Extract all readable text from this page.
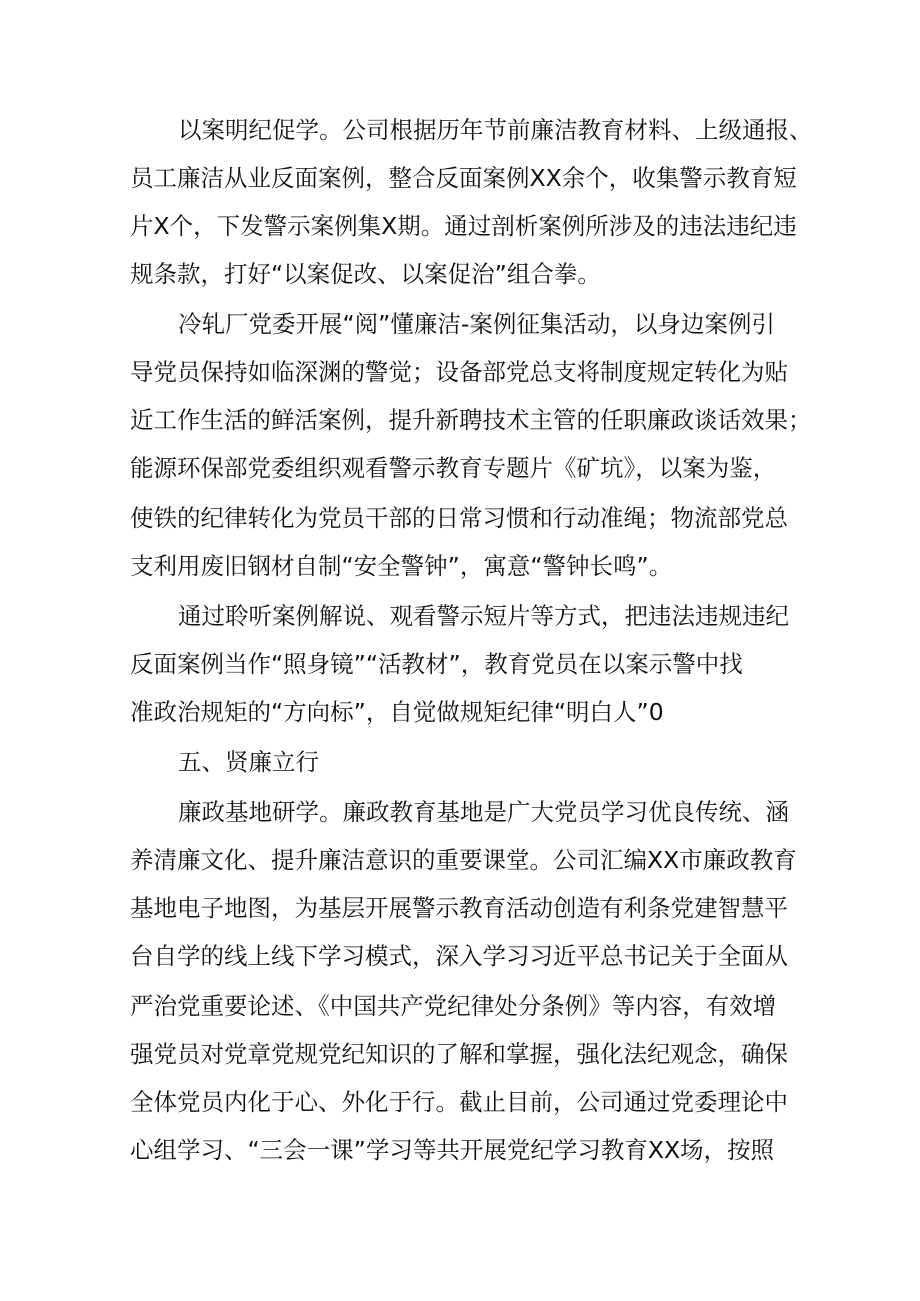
以案明纪促学。公司根据历年节前廉洁教育材料、上级通报、
员工廉洁从业反面案例，整合反面案例XX余个，收集警示教育短
片X个，下发警示案例集X期。通过剖析案例所涉及的违法违纪违
规条款，打好“以案促改、以案促治”组合拳。
冷轧厂党委开展“阅”懂廉洁-案例征集活动，以身边案例引
导党员保持如临深渊的警觉；设备部党总支将制度规定转化为贴
近工作生活的鲜活案例，提升新聘技术主管的任职廉政谈话效果；
能源环保部党委组织观看警示教育专题片《矿坑》，以案为鉴，
使铁的纪律转化为党员干部的日常习惯和行动准绳；物流部党总
支利用废旧钢材自制“安全警钟”，寓意“警钟长鸣”。
通过聆听案例解说、观看警示短片等方式，把违法违规违纪
反面案例当作“照身镜”“活教材”，教育党员在以案示警中找
准政治规矩的“方向标”，自觉做规矩纪律“明白人”0
五、贤廉立行
廉政基地研学。廉政教育基地是广大党员学习优良传统、涵
养清廉文化、提升廉洁意识的重要课堂。公司汇编XX市廉政教育
基地电子地图，为基层开展警示教育活动创造有利条党建智慧平
台自学的线上线下学习模式，深入学习习近平总书记关于全面从
严治党重要论述、《中国共产党纪律处分条例》等内容，有效增
强党员对党章党规党纪知识的了解和掌握，强化法纪观念，确保
全体党员内化于心、外化于行。截止目前，公司通过党委理论中
心组学习、“三会一课”学习等共开展党纪学习教育XX场，按照
